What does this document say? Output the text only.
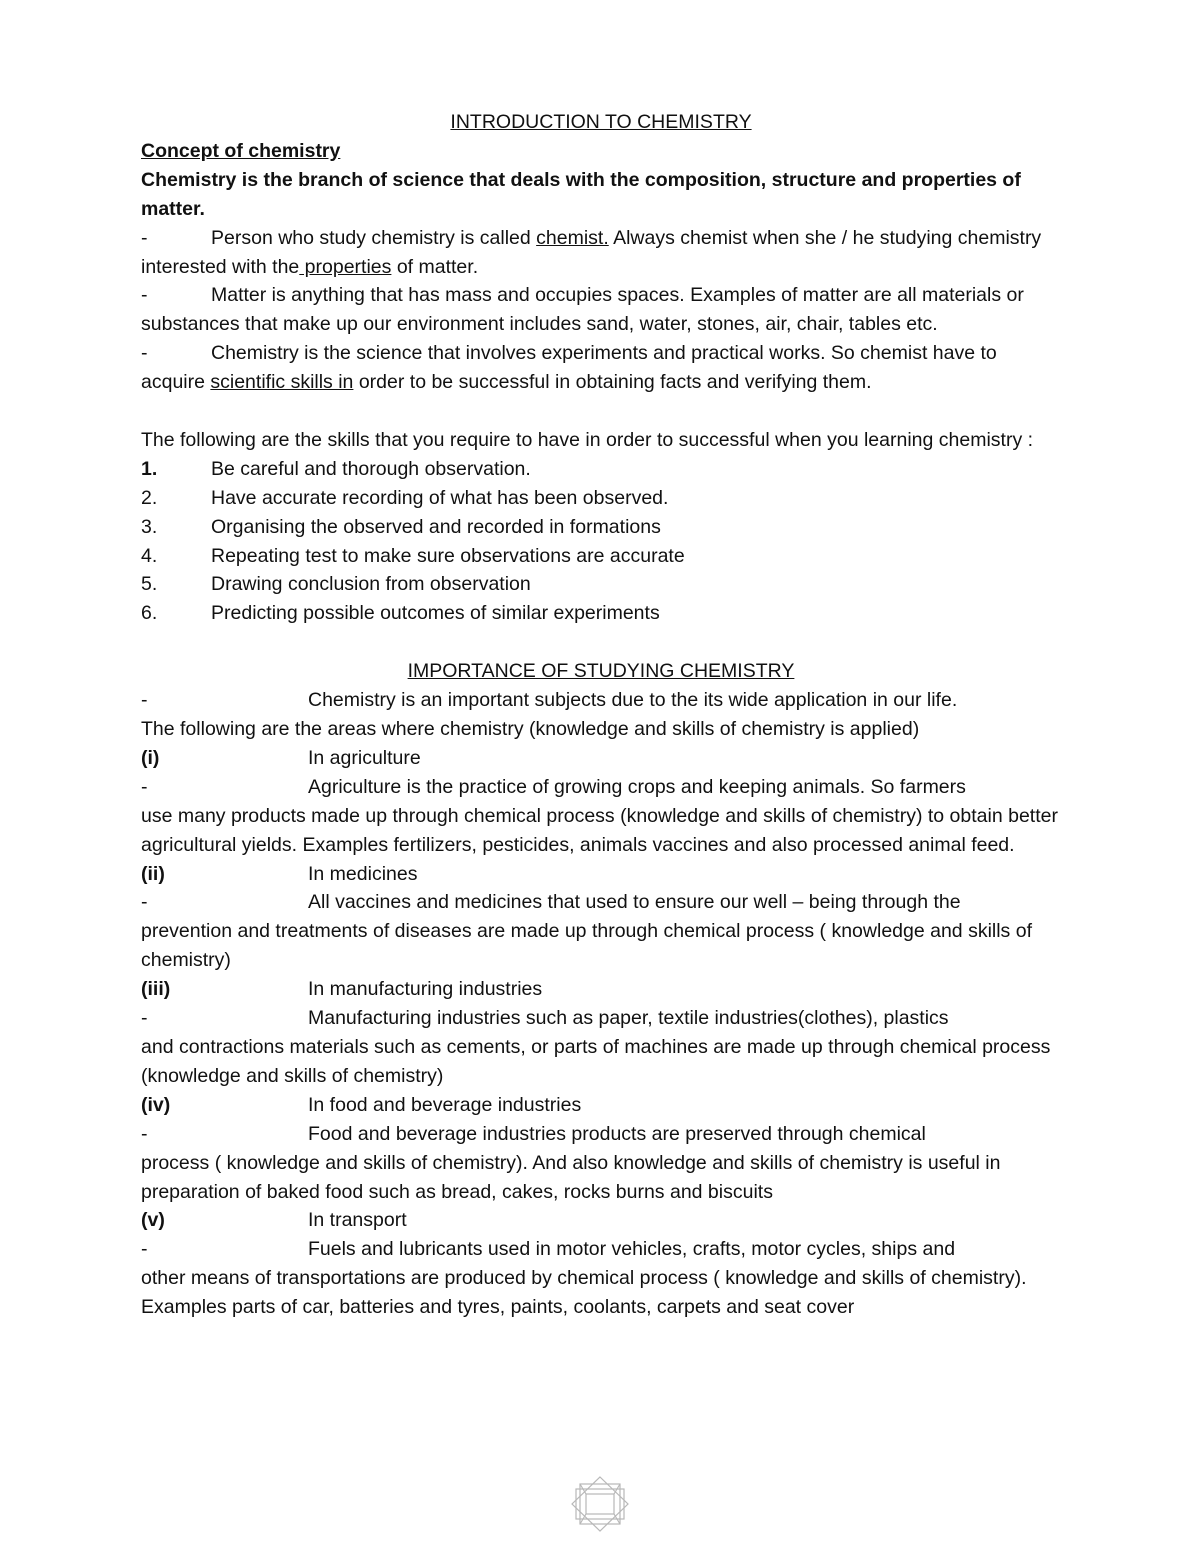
INTRODUCTION TO CHEMISTRY
Concept of chemistry
Chemistry is the branch of science that deals with the composition, structure and properties of matter.
-	Person who study chemistry is called chemist. Always chemist when she / he studying chemistry interested with the properties of matter.
-	Matter is anything that has mass and occupies spaces. Examples of matter are all materials or substances that make up our environment includes sand, water, stones, air, chair, tables etc.
-	Chemistry is the science that involves experiments and practical works. So chemist have to acquire scientific skills in order to be successful in obtaining facts and verifying them.
The following are the skills that you require to have in order to successful when you learning chemistry :
1.	Be careful and thorough observation.
2.	Have accurate recording of what has been observed.
3.	Organising the observed and recorded in formations
4.	Repeating test to make sure observations are accurate
5.	Drawing conclusion from observation
6.	Predicting possible outcomes of similar experiments
IMPORTANCE OF STUDYING CHEMISTRY
-	Chemistry is an important subjects due to the its wide application in our life.
The following are the areas where chemistry (knowledge and skills of chemistry is applied)
(i)	In agriculture
-	Agriculture is the practice of growing crops and keeping animals. So farmers
use many products made up through chemical process (knowledge and skills of chemistry) to obtain better agricultural yields. Examples fertilizers, pesticides, animals vaccines and also processed animal feed.
(ii)	In medicines
-	All vaccines and medicines that used to ensure our well – being through the
prevention and treatments of diseases are made up through chemical process ( knowledge and skills of chemistry)
(iii)	In manufacturing industries
-	Manufacturing industries such as paper, textile industries(clothes), plastics
and contractions materials such as cements, or parts of machines are made up through chemical process (knowledge and skills of chemistry)
(iv)	In food and beverage industries
-	Food and beverage industries products are preserved through chemical
process ( knowledge and skills of chemistry). And also knowledge and skills of chemistry is useful in preparation of baked food such as bread, cakes, rocks burns and biscuits
(v)	In transport
-	Fuels and lubricants used in motor vehicles, crafts, motor cycles, ships and
other means of transportations are produced by chemical process ( knowledge and skills of chemistry). Examples parts of car, batteries and tyres, paints, coolants, carpets and seat cover
